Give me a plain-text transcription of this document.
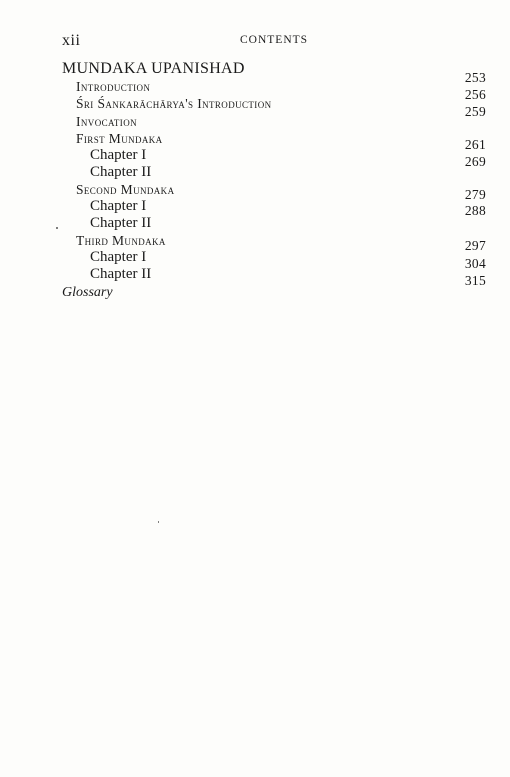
xii	CONTENTS
MUNDAKA UPANISHAD
Introduction
Śri Śankarāchārya's Introduction
Invocation
First Mundaka
Chapter I
Chapter II
Second Mundaka
Chapter I
Chapter II
Third Mundaka
Chapter I
Chapter II
Glossary
253
256
259
261
269
279
288
297
304
315
